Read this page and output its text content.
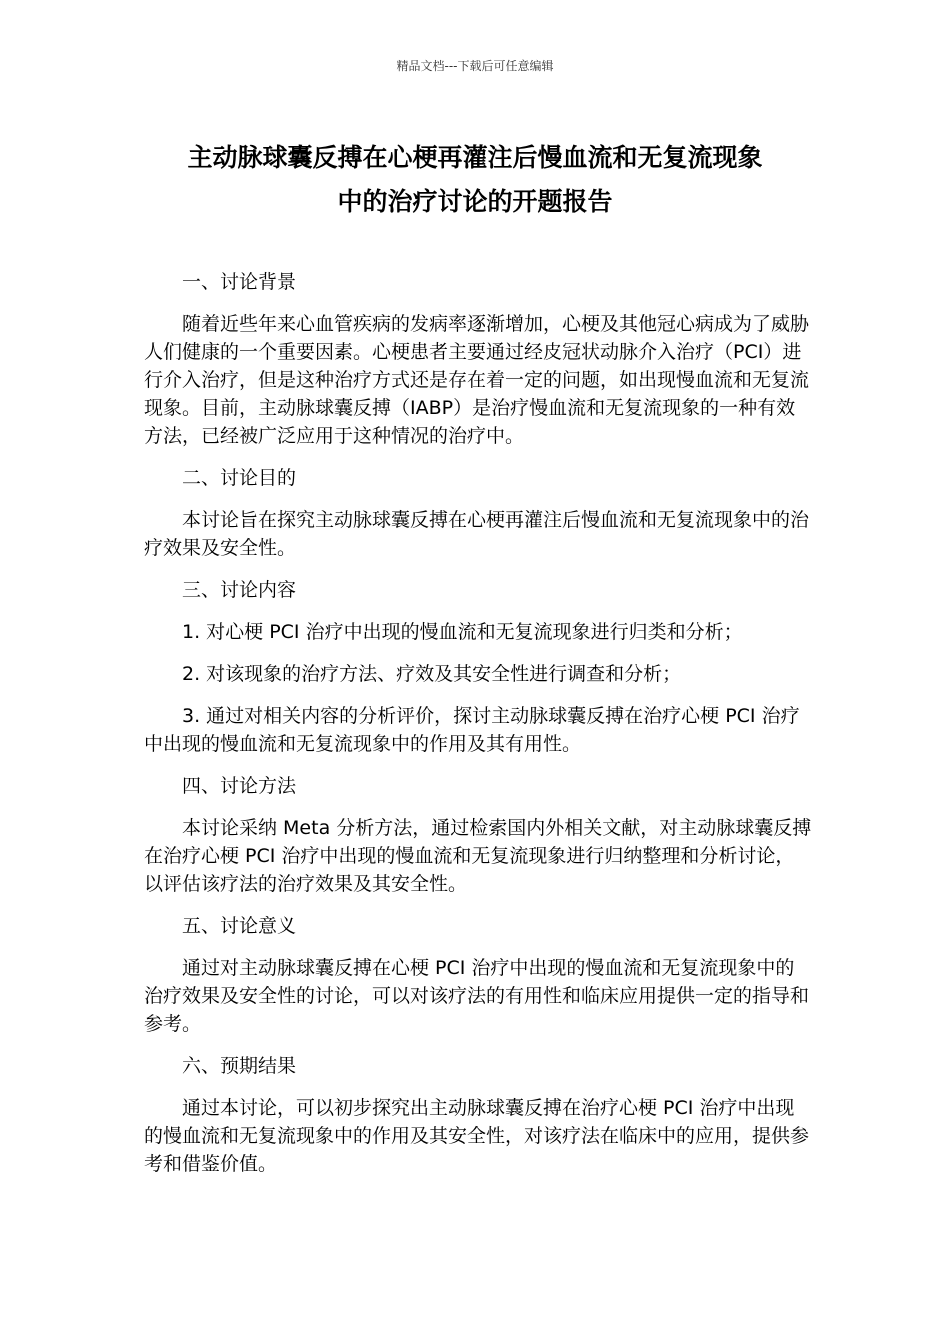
精品文档---下载后可任意编辑
主动脉球囊反搏在心梗再灌注后慢血流和无复流现象
中的治疗讨论的开题报告

一、讨论背景

随着近些年来心血管疾病的发病率逐渐增加，心梗及其他冠心病成为了威胁人们健康的一个重要因素。心梗患者主要通过经皮冠状动脉介入治疗（PCI）进行介入治疗，但是这种治疗方式还是存在着一定的问题，如出现慢血流和无复流现象。目前，主动脉球囊反搏（IABP）是治疗慢血流和无复流现象的一种有效方法，已经被广泛应用于这种情况的治疗中。

二、讨论目的

本讨论旨在探究主动脉球囊反搏在心梗再灌注后慢血流和无复流现象中的治疗效果及安全性。

三、讨论内容

1. 对心梗 PCI 治疗中出现的慢血流和无复流现象进行归类和分析；

2. 对该现象的治疗方法、疗效及其安全性进行调查和分析；

3. 通过对相关内容的分析评价，探讨主动脉球囊反搏在治疗心梗 PCI 治疗中出现的慢血流和无复流现象中的作用及其有用性。

四、讨论方法

本讨论采纳 Meta 分析方法，通过检索国内外相关文献，对主动脉球囊反搏在治疗心梗 PCI 治疗中出现的慢血流和无复流现象进行归纳整理和分析讨论，以评估该疗法的治疗效果及其安全性。

五、讨论意义

通过对主动脉球囊反搏在心梗 PCI 治疗中出现的慢血流和无复流现象中的治疗效果及安全性的讨论，可以对该疗法的有用性和临床应用提供一定的指导和参考。

六、预期结果

通过本讨论，可以初步探究出主动脉球囊反搏在治疗心梗 PCI 治疗中出现的慢血流和无复流现象中的作用及其安全性，对该疗法在临床中的应用，提供参考和借鉴价值。
